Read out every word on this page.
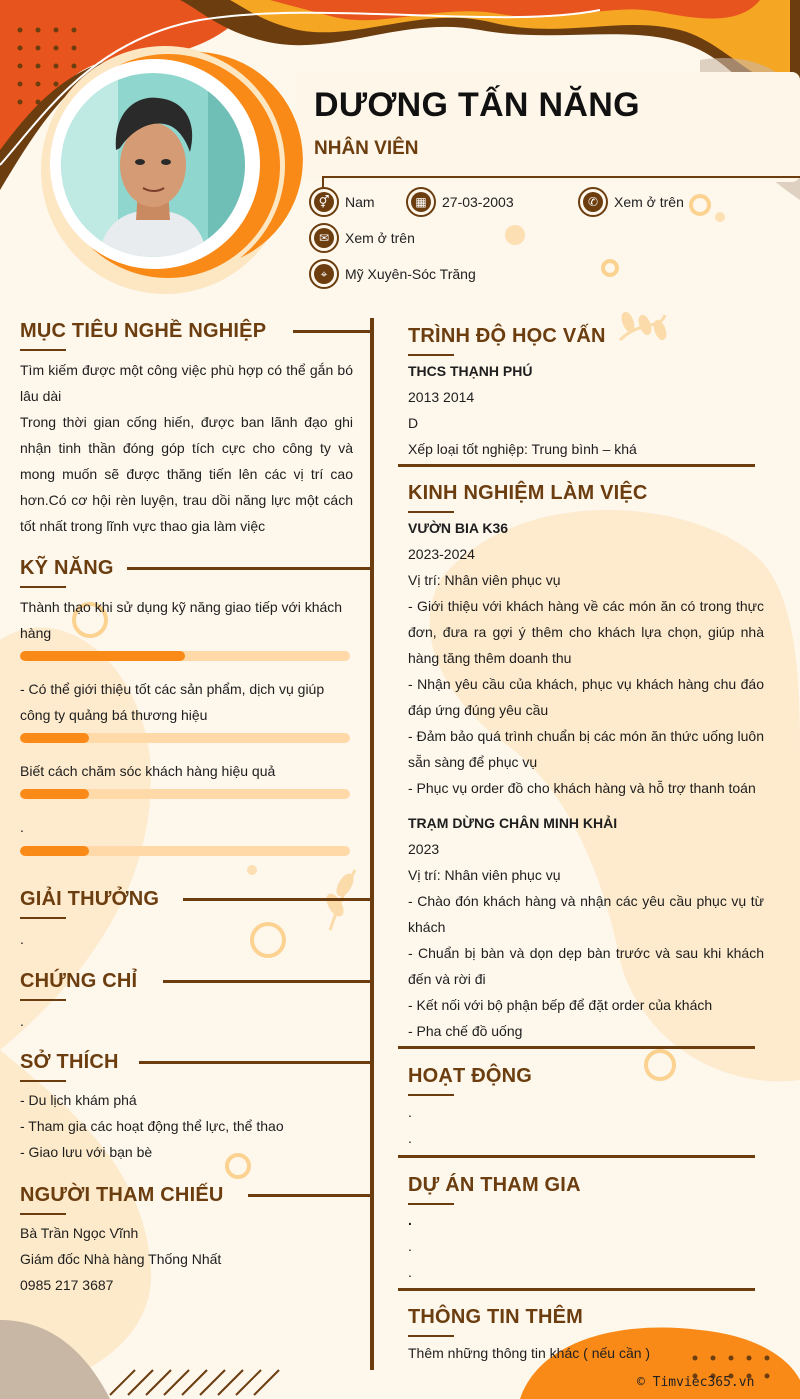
DƯƠNG TẤN NĂNG
NHÂN VIÊN
⚥	Nam	▦	27-03-2003	✆	Xem ở trên
✉	Xem ở trên
⌖	Mỹ Xuyên-Sóc Trăng
MỤC TIÊU NGHỀ NGHIỆP
Tìm kiếm được một công việc phù hợp có thể gắn bó lâu dài
Trong thời gian cống hiến, được ban lãnh đạo ghi nhận tinh thần đóng góp tích cực cho công ty và mong muốn sẽ được thăng tiến lên các vị trí cao hơn.Có cơ hội rèn luyện, trau dồi năng lực một cách tốt nhất trong lĩnh vực thao gia làm việc
KỸ NĂNG
Thành thạo khi sử dụng kỹ năng giao tiếp với khách hàng
- Có thể giới thiệu tốt các sản phẩm, dịch vụ giúp công ty quảng bá thương hiệu
Biết cách chăm sóc khách hàng hiệu quả
.
GIẢI THƯỞNG
.
CHỨNG CHỈ
.
SỞ THÍCH
- Du lịch khám phá
- Tham gia các hoạt động thể lực, thể thao
- Giao lưu với bạn bè
NGƯỜI THAM CHIẾU
Bà Trần Ngọc Vĩnh
Giám đốc Nhà hàng Thống Nhất
0985 217 3687
TRÌNH ĐỘ HỌC VẤN
THCS THẠNH PHÚ
2013 2014
D
Xếp loại tốt nghiệp: Trung bình – khá
KINH NGHIỆM LÀM VIỆC
VƯỜN BIA K36
2023-2024
Vị trí: Nhân viên phục vụ
- Giới thiệu với khách hàng về các món ăn có trong thực đơn, đưa ra gợi ý thêm cho khách lựa chọn, giúp nhà hàng tăng thêm doanh thu
- Nhận yêu cầu của khách, phục vụ khách hàng chu đáo đáp ứng đúng yêu cầu
- Đảm bảo quá trình chuẩn bị các món ăn thức uống luôn sẵn sàng để phục vụ
- Phục vụ order đồ cho khách hàng và hỗ trợ thanh toán
TRẠM DỪNG CHÂN MINH KHẢI
2023
Vị trí: Nhân viên phục vụ
- Chào đón khách hàng và nhận các yêu cầu phục vụ từ khách
- Chuẩn bị bàn và dọn dẹp bàn trước và sau khi khách đến và rời đi
- Kết nối với bộ phận bếp để đặt order của khách
- Pha chế đồ uống
HOẠT ĐỘNG
.
.
DỰ ÁN THAM GIA
.
.
.
THÔNG TIN THÊM
Thêm những thông tin khác ( nếu cần )
© Timviec365.vn
